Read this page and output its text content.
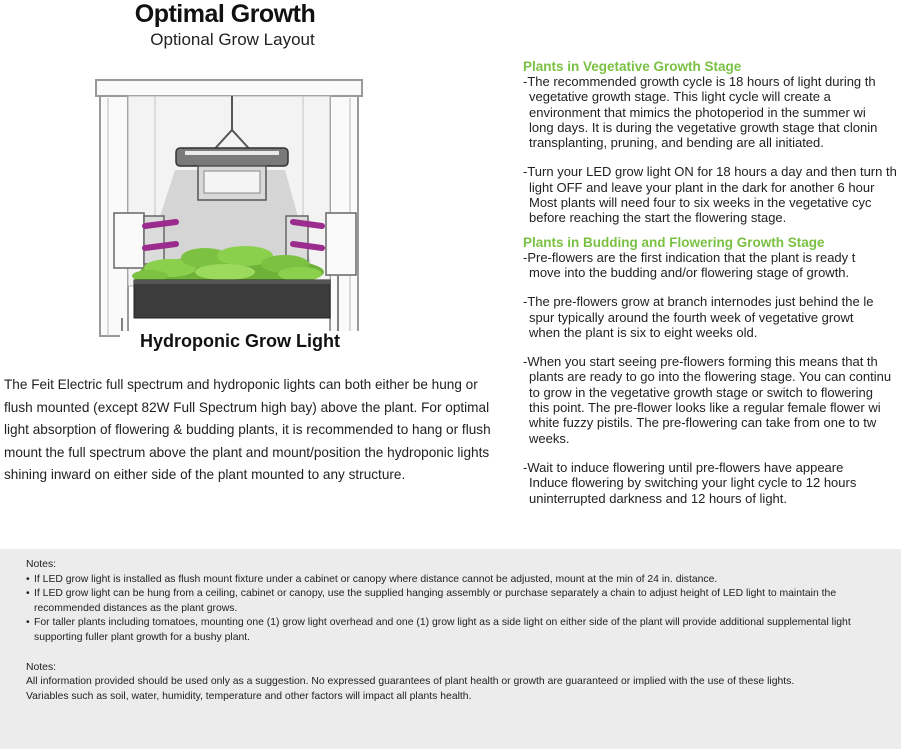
Optimal Growth
Optional Grow Layout
Hydroponic Grow Light

The Feit Electric full spectrum and hydroponic lights can both either be hung or

flush mounted (except 82W Full Spectrum high bay) above the plant. For optimal

light absorption of flowering & budding plants, it is recommended to hang or flush

mount the full spectrum above the plant and mount/position the hydroponic lights

shining inward on either side of the plant mounted to any structure.

Plants in Vegetative Growth Stage

-The recommended growth cycle is 18 hours of light during th
vegetative growth stage. This light cycle will create a
environment that mimics the photoperiod in the summer wi
long days. It is during the vegetative growth stage that clonin
transplanting, pruning, and bending are all initiated.
-Turn your LED grow light ON for 18 hours a day and then turn th
light OFF and leave your plant in the dark for another 6 hour
Most plants will need four to six weeks in the vegetative cyc
before reaching the start the flowering stage.

Plants in Budding and Flowering Growth Stage

-Pre-flowers are the first indication that the plant is ready t
move into the budding and/or flowering stage of growth.
-The pre-flowers grow at branch internodes just behind the le
spur typically around the fourth week of vegetative growt
when the plant is six to eight weeks old.
-When you start seeing pre-flowers forming this means that th
plants are ready to go into the flowering stage. You can continu
to grow in the vegetative growth stage or switch to flowering
this point. The pre-flower looks like a regular female flower wi
white fuzzy pistils. The pre-flowering can take from one to tw
weeks.
-Wait to induce flowering until pre-flowers have appeare
Induce flowering by switching your light cycle to 12 hours
uninterrupted darkness and 12 hours of light.

Notes:

• If LED grow light is installed as flush mount fixture under a cabinet or canopy where distance cannot be adjusted, mount at the min of 24 in. distance.
• If LED grow light can be hung from a ceiling, cabinet or canopy, use the supplied hanging assembly or purchase separately a chain to adjust height of LED light to maintain the
recommended distances as the plant grows.
• For taller plants including tomatoes, mounting one (1) grow light overhead and one (1) grow light as a side light on either side of the plant will provide additional supplemental light
supporting fuller plant growth for a bushy plant.

Notes:

All information provided should be used only as a suggestion. No expressed guarantees of plant health or growth are guaranteed or implied with the use of these lights.
Variables such as soil, water, humidity, temperature and other factors will impact all plants health.
